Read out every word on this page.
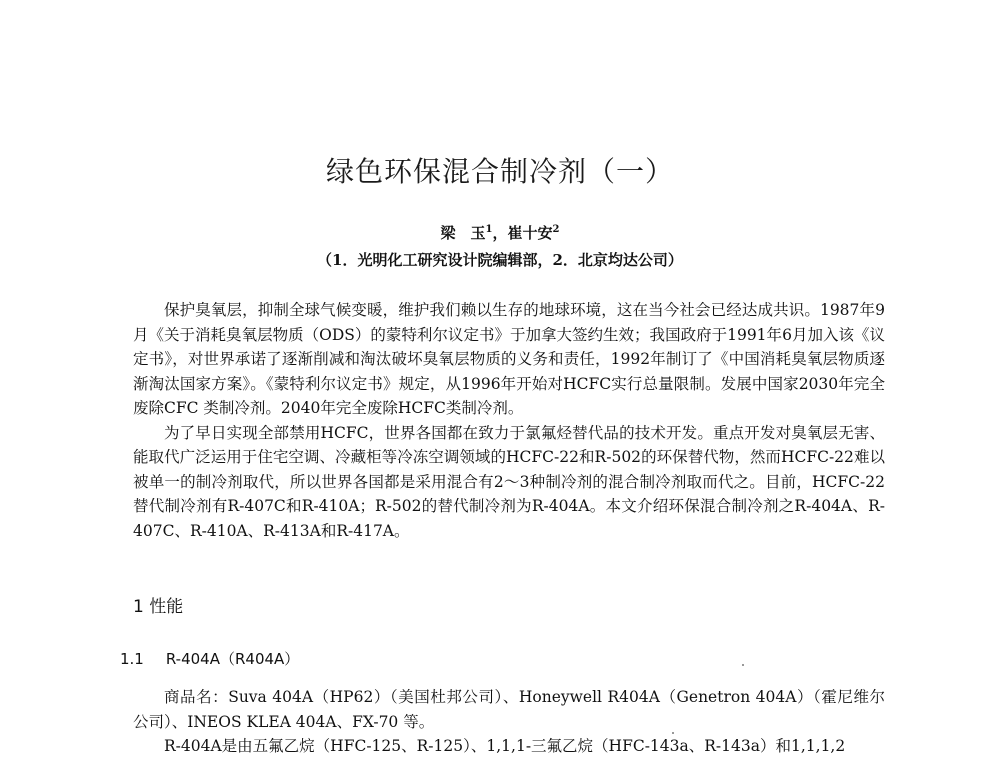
绿色环保混合制冷剂（一）
梁　玉$^1$，崔十安$^2$
（1．光明化工研究设计院编辑部，2．北京均达公司）

保护臭氧层，抑制全球气候变暖，维护我们赖以生存的地球环境，这在当今社会已经达成共识。1987年9月《关于消耗臭氧层物质（ODS）的蒙特利尔议定书》于加拿大签约生效；我国政府于1991年6月加入该《议定书》，对世界承诺了逐渐削减和淘汰破坏臭氧层物质的义务和责任，1992年制订了《中国消耗臭氧层物质逐渐淘汰国家方案》。《蒙特利尔议定书》规定，从1996年开始对HCFC实行总量限制。发展中国家2030年完全废除CFC 类制冷剂。2040年完全废除HCFC类制冷剂。

为了早日实现全部禁用HCFC，世界各国都在致力于氯氟烃替代品的技术开发。重点开发对臭氧层无害、能取代广泛运用于住宅空调、冷藏柜等冷冻空调领域的HCFC-22和R-502的环保替代物，然而HCFC-22难以被单一的制冷剂取代，所以世界各国都是采用混合有2～3种制冷剂的混合制冷剂取而代之。目前，HCFC-22替代制冷剂有R-407C和R-410A；R-502的替代制冷剂为R-404A。本文介绍环保混合制冷剂之R-404A、R-407C、R-410A、R-413A和R-417A。

1 性能
1.1 R-404A（R404A）

商品名：Suva 404A（HP62）（美国杜邦公司）、Honeywell R404A（Genetron 404A）（霍尼维尔公司）、INEOS KLEA 404A、FX-70 等。

R-404A是由五氟乙烷（HFC-125、R-125）、1,1,1-三氟乙烷（HFC-143a、R-143a）和1,1,1,2
